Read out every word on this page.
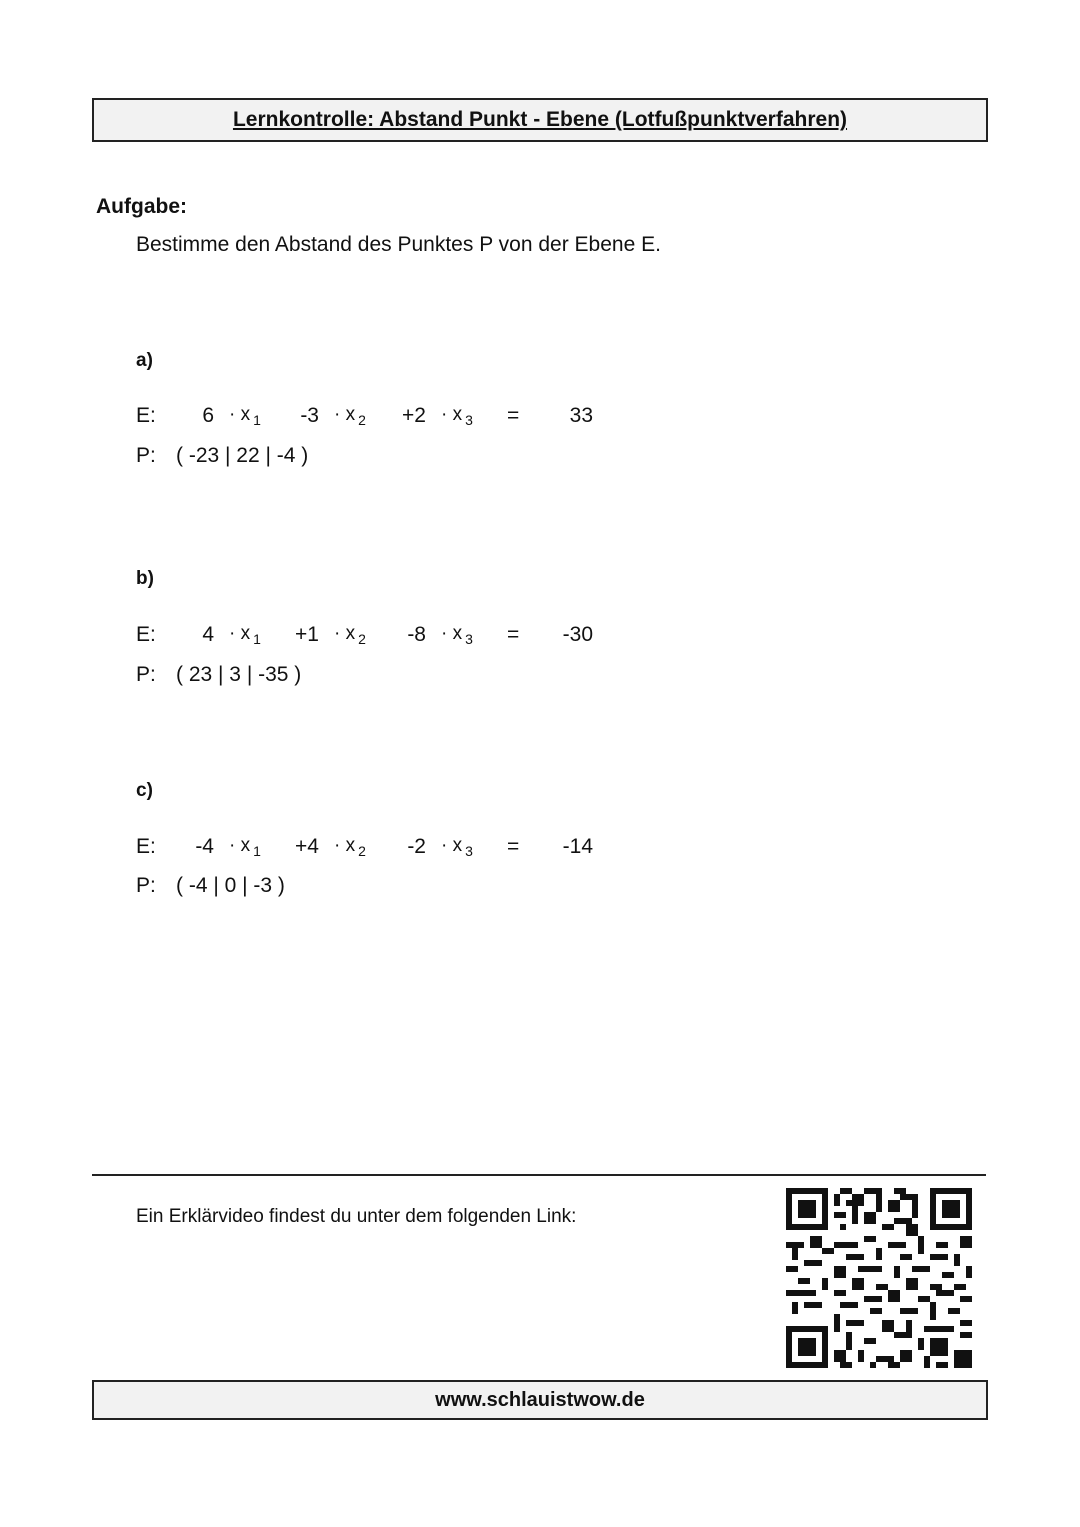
Lernkontrolle: Abstand Punkt - Ebene (Lotfußpunktverfahren)
Aufgabe:
Bestimme den Abstand des Punktes P von der Ebene E.
a)
E:	6 · x $_1$	-3 · x $_2$	+2 · x $_3$ =	33
P: ( -23 | 22 | -4 )
b)
E:	4 · x $_1$	+1 · x $_2$	-8 · x $_3$ =	-30
P: ( 23 | 3 | -35 )
c)
E:	-4 · x $_1$	+4 · x $_2$	-2 · x $_3$ =	-14
P: ( -4 | 0 | -3 )
Ein Erklärvideo findest du unter dem folgenden Link:
www.schlauistwow.de
